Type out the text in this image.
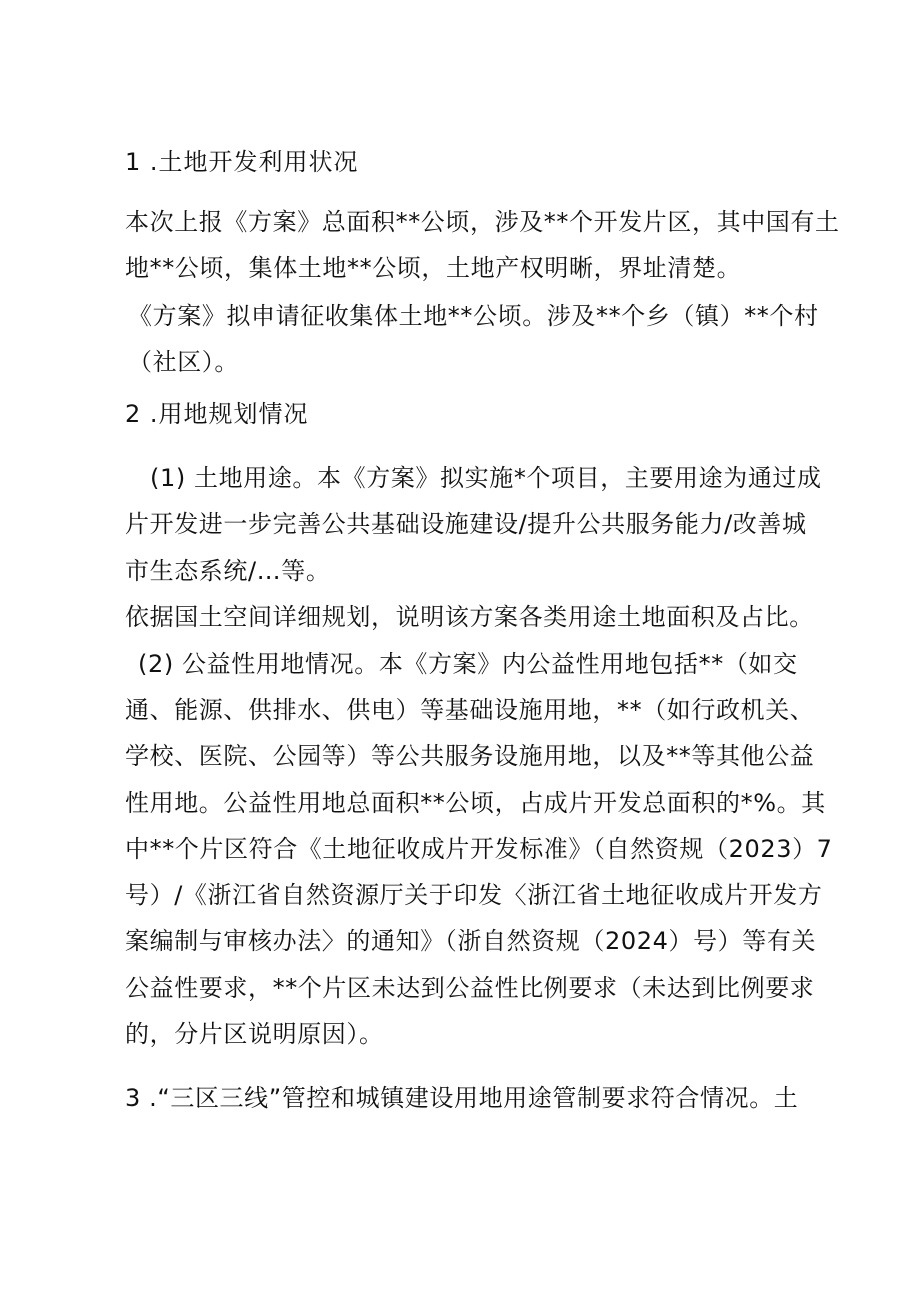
1 .土地开发利用状况
本次上报《方案》总面积**公顷，涉及**个开发片区，其中国有土
地**公顷，集体土地**公顷，土地产权明晰，界址清楚。
《方案》拟申请征收集体土地**公顷。涉及**个乡（镇）**个村
（社区）。
2 .用地规划情况
(1) 土地用途。本《方案》拟实施*个项目，主要用途为通过成
片开发进一步完善公共基础设施建设/提升公共服务能力/改善城
市生态系统/…等。
依据国土空间详细规划，说明该方案各类用途土地面积及占比。
(2) 公益性用地情况。本《方案》内公益性用地包括**（如交
通、能源、供排水、供电）等基础设施用地，**（如行政机关、
学校、医院、公园等）等公共服务设施用地，以及**等其他公益
性用地。公益性用地总面积**公顷，占成片开发总面积的*%。其
中**个片区符合《土地征收成片开发标准》（自然资规（2023）7
号）/《浙江省自然资源厅关于印发〈浙江省土地征收成片开发方
案编制与审核办法〉的通知》（浙自然资规（2024）号）等有关
公益性要求，**个片区未达到公益性比例要求（未达到比例要求
的，分片区说明原因）。
3 .“三区三线”管控和城镇建设用地用途管制要求符合情况。土
